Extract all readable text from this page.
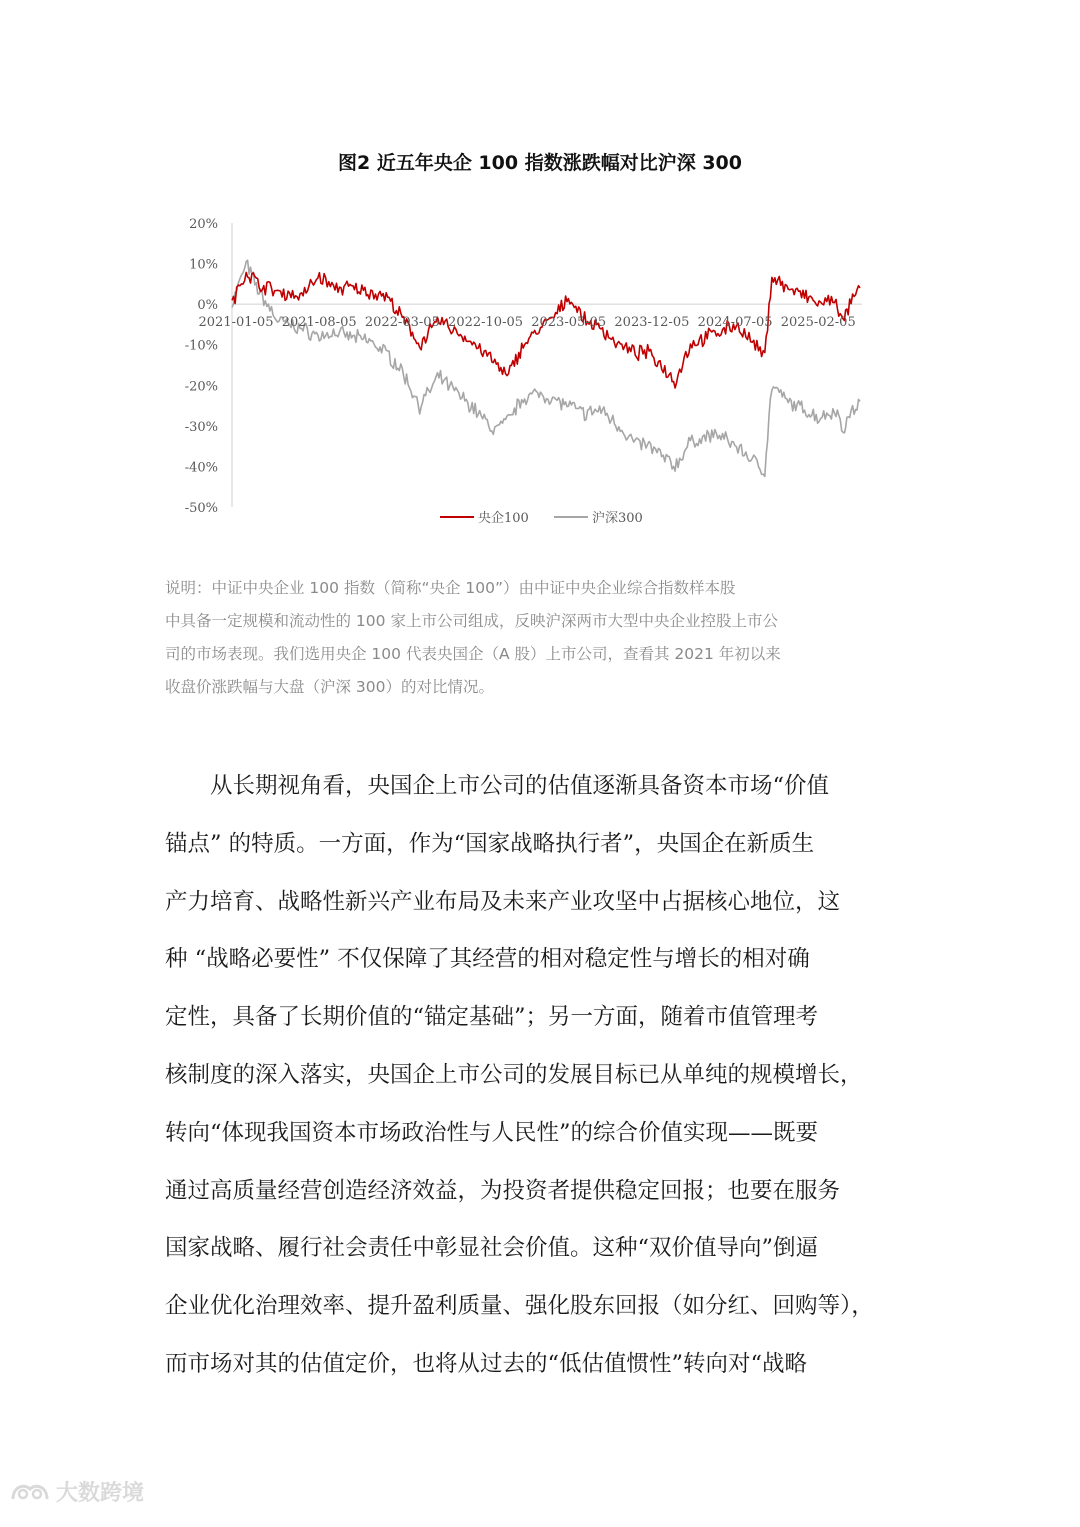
图2 近五年央企 100 指数涨跌幅对比沪深 300
20%
10%
0%
-10%
-20%
-30%
-40%
-50%
2021-01-05 2021-08-05 2022-03-05 2022-10-05 2023-05-05 2023-12-05 2024-07-05 2025-02-05
央企100	沪深300

说明：中证中央企业 100 指数（简称“央企 100”）由中证中央企业综合指数样本股

中具备一定规模和流动性的 100 家上市公司组成，反映沪深两市大型中央企业控股上市公

司的市场表现。我们选用央企 100 代表央国企（A 股）上市公司，查看其 2021 年初以来

收盘价涨跌幅与大盘（沪深 300）的对比情况。

　　从长期视角看，央国企上市公司的估值逐渐具备资本市场“价值

锚点” 的特质。一方面，作为“国家战略执行者”，央国企在新质生

产力培育、战略性新兴产业布局及未来产业攻坚中占据核心地位，这

种 “战略必要性” 不仅保障了其经营的相对稳定性与增长的相对确

定性，具备了长期价值的“锚定基础”；另一方面，随着市值管理考

核制度的深入落实，央国企上市公司的发展目标已从单纯的规模增长，

转向“体现我国资本市场政治性与人民性”的综合价值实现——既要

通过高质量经营创造经济效益，为投资者提供稳定回报；也要在服务

国家战略、履行社会责任中彰显社会价值。这种“双价值导向”倒逼

企业优化治理效率、提升盈利质量、强化股东回报（如分红、回购等），

而市场对其的估值定价，也将从过去的“低估值惯性”转向对“战略

大数跨境
